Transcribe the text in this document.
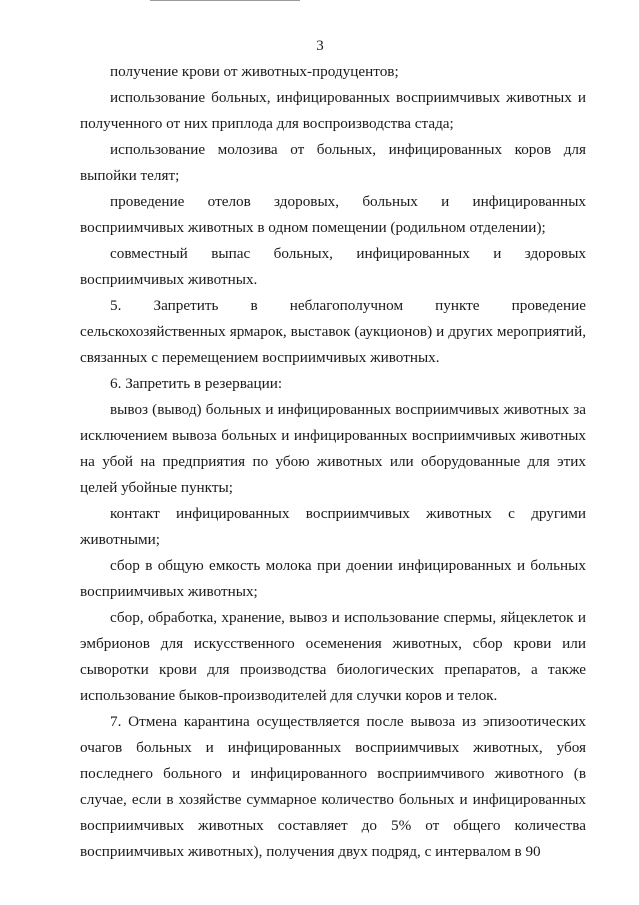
3

получение крови от животных-продуцентов;

использование больных, инфицированных восприимчивых животных и полученного от них приплода для воспроизводства стада;

использование молозива от больных, инфицированных коров для выпойки телят;

проведение отелов здоровых, больных и инфицированных восприимчивых животных в одном помещении (родильном отделении);

совместный выпас больных, инфицированных и здоровых восприимчивых животных.

5. Запретить в неблагополучном пункте проведение сельскохозяйственных ярмарок, выставок (аукционов) и других мероприятий, связанных с перемещением восприимчивых животных.

6. Запретить в резервации:

вывоз (вывод) больных и инфицированных восприимчивых животных за исключением вывоза больных и инфицированных восприимчивых животных на убой на предприятия по убою животных или оборудованные для этих целей убойные пункты;

контакт инфицированных восприимчивых животных с другими животными;

сбор в общую емкость молока при доении инфицированных и больных восприимчивых животных;

сбор, обработка, хранение, вывоз и использование спермы, яйцеклеток и эмбрионов для искусственного осеменения животных, сбор крови или сыворотки крови для производства биологических препаратов, а также использование быков-производителей для случки коров и телок.

7. Отмена карантина осуществляется после вывоза из эпизоотических очагов больных и инфицированных восприимчивых животных, убоя последнего больного и инфицированного восприимчивого животного (в случае, если в хозяйстве суммарное количество больных и инфицированных восприимчивых животных составляет до 5% от общего количества восприимчивых животных), получения двух подряд, с интервалом в 90
